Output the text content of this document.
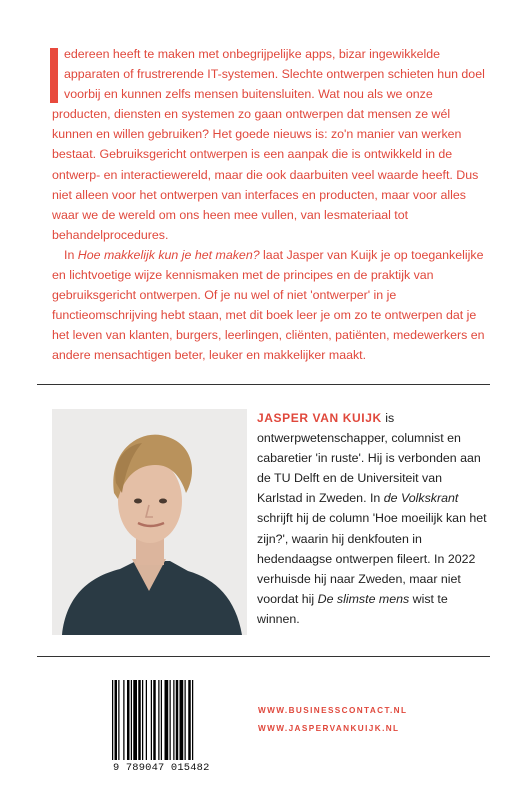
edereen heeft te maken met onbegrijpelijke apps, bizar ingewikkelde apparaten of frustrerende IT-systemen. Slechte ontwerpen schieten hun doel voorbij en kunnen zelfs mensen buitensluiten. Wat nou als we onze producten, diensten en systemen zo gaan ontwerpen dat mensen ze wél kunnen en willen gebruiken? Het goede nieuws is: zo'n manier van werken bestaat. Gebruiksgericht ontwerpen is een aanpak die is ontwikkeld in de ontwerp- en interactiewereld, maar die ook daarbuiten veel waarde heeft. Dus niet alleen voor het ontwerpen van interfaces en producten, maar voor alles waar we de wereld om ons heen mee vullen, van lesmateriaal tot behandelprocedures.

In Hoe makkelijk kun je het maken? laat Jasper van Kuijk je op toegankelijke en lichtvoetige wijze kennismaken met de principes en de praktijk van gebruiksgericht ontwerpen. Of je nu wel of niet 'ontwerper' in je functieomschrijving hebt staan, met dit boek leer je om zo te ontwerpen dat je het leven van klanten, burgers, leerlingen, cliënten, patiënten, medewerkers en andere mensachtigen beter, leuker en makkelijker maakt.

JASPER VAN KUIJK is ontwerpwetenschapper, columnist en cabaretier 'in ruste'. Hij is verbonden aan de TU Delft en de Universiteit van Karlstad in Zweden. In de Volkskrant schrijft hij de column 'Hoe moeilijk kan het zijn?', waarin hij denkfouten in hedendaagse ontwerpen fileert. In 2022 verhuisde hij naar Zweden, maar niet voordat hij De slimste mens wist te winnen.
9 789047 015482
WWW.BUSINESSCONTACT.NL
WWW.JASPERVANKUIJK.NL
